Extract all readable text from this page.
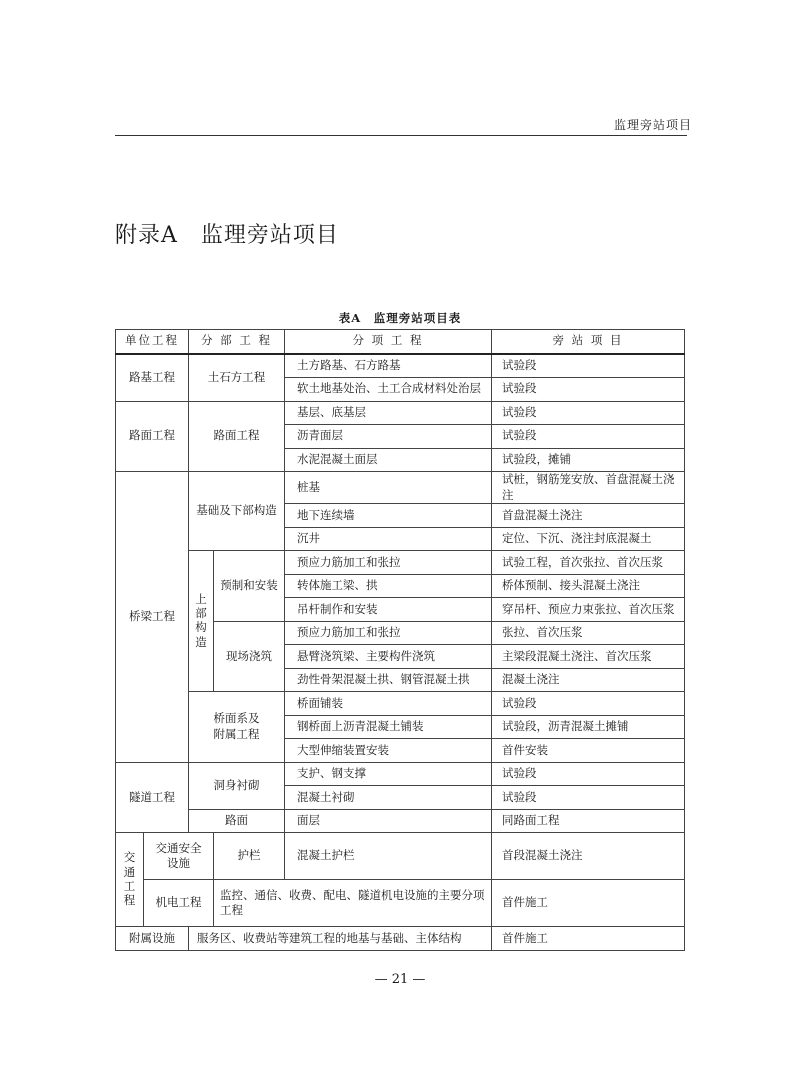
监理旁站项目
附录A　 监理旁站项目
表A　监理旁站项目表
单位工程		分 部 工 程		分 项 工 程	旁 站 项 目
路基工程		土石方工程		土方路基、石方路基	试验段
				软土地基处治、土工合成材料处治层	试验段
路面工程		路面工程		基层、底基层	试验段
				沥青面层	试验段
				水泥混凝土面层	试验段，摊铺
桥梁工程		基础及下部构造		桩基	试桩，钢筋笼安放、首盘混凝土浇注
				地下连续墙	首盘混凝土浇注
				沉井	定位、下沉、浇注封底混凝土
		上部构造	预制和安装	预应力筋加工和张拉	试验工程，首次张拉、首次压浆
				转体施工梁、拱	桥体预制、接头混凝土浇注
				吊杆制作和安装	穿吊杆、预应力束张拉、首次压浆
			现场浇筑	预应力筋加工和张拉	张拉、首次压浆
				悬臂浇筑梁、主要构件浇筑	主梁段混凝土浇注、首次压浆
				劲性骨架混凝土拱、钢管混凝土拱	混凝土浇注
		桥面系及附属工程		桥面铺装	试验段
				钢桥面上沥青混凝土铺装	试验段，沥青混凝土摊铺
				大型伸缩装置安装	首件安装
隧道工程		洞身衬砌		支护、钢支撑	试验段
				混凝土衬砌	试验段
		路面		面层	同路面工程
交通工程	交通安全设施		护栏	混凝土护栏	首段混凝土浇注
	机电工程		监控、通信、收费、配电、隧道机电设施的主要分项工程		首件施工
附属设施		服务区、收费站等建筑工程的地基与基础、主体结构			首件施工
— 21 —
